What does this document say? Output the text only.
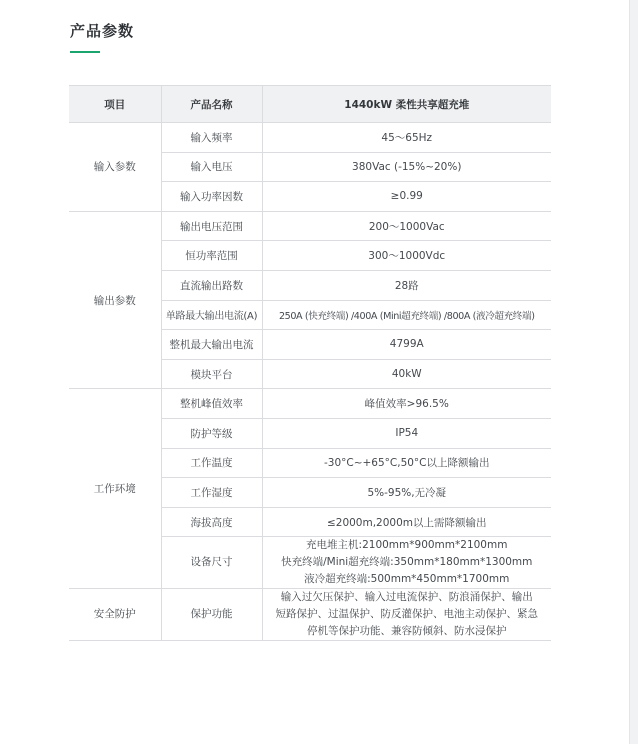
产品参数
项目	产品名称	1440kW 柔性共享超充堆
输入参数	输入频率	45～65Hz
	输入电压	380Vac (-15%~20%)
	输入功率因数	≥0.99
输出参数	输出电压范围	200～1000Vac
	恒功率范围	300～1000Vdc
	直流输出路数	28路
	单路最大输出电流(A)	250A (快充终端) /400A (Mini超充终端) /800A (液冷超充终端)
	整机最大输出电流	4799A
	模块平台	40kW
工作环境	整机峰值效率	峰值效率>96.5%
	防护等级	IP54
	工作温度	-30°C~+65°C,50°C以上降额输出
	工作湿度	5%-95%,无冷凝
	海拔高度	≤2000m,2000m以上需降额输出
	设备尺寸	充电堆主机:2100mm*900mm*2100mm
快充终端/Mini超充终端:350mm*180mm*1300mm
液冷超充终端:500mm*450mm*1700mm

安全防护	保护功能	输入过欠压保护、输入过电流保护、防浪涌保护、输出
短路保护、过温保护、防反灌保护、电池主动保护、紧急
停机等保护功能、兼容防倾斜、防水浸保护
